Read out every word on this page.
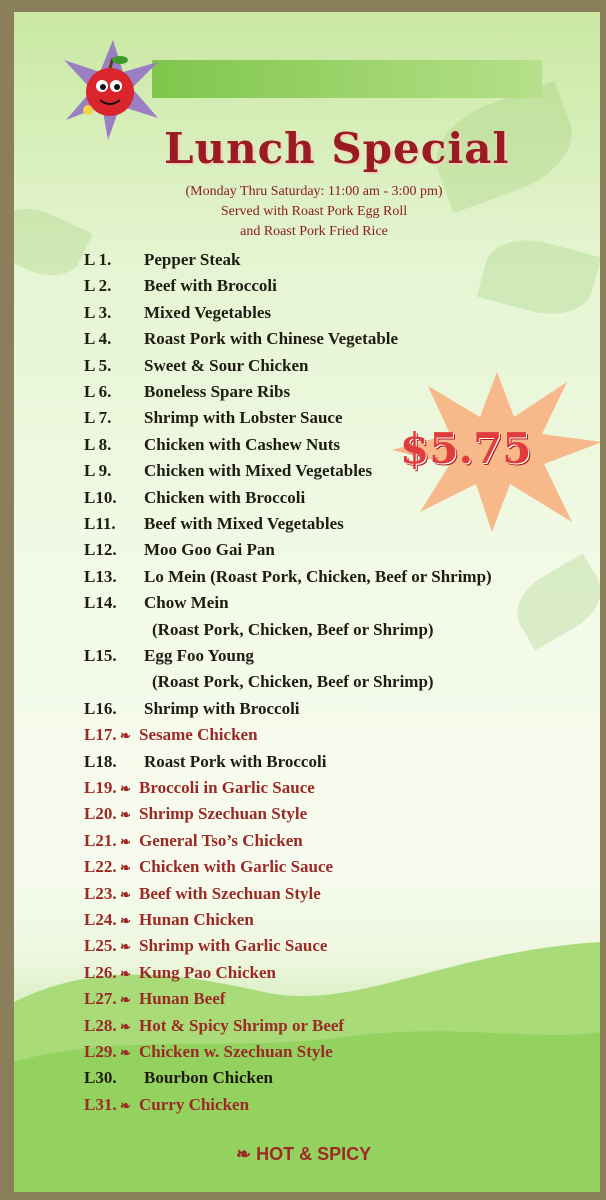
Lunch Special
(Monday Thru Saturday: 11:00 am - 3:00 pm)
Served with Roast Pork Egg Roll
and Roast Pork Fried Rice
$5.75
L 1. Pepper Steak
L 2. Beef with Broccoli
L 3. Mixed Vegetables
L 4. Roast Pork with Chinese Vegetable
L 5. Sweet & Sour Chicken
L 6. Boneless Spare Ribs
L 7. Shrimp with Lobster Sauce
L 8. Chicken with Cashew Nuts
L 9. Chicken with Mixed Vegetables
L10. Chicken with Broccoli
L11. Beef with Mixed Vegetables
L12. Moo Goo Gai Pan
L13. Lo Mein (Roast Pork, Chicken, Beef or Shrimp)
L14. Chow Mein
(Roast Pork, Chicken, Beef or Shrimp)
L15. Egg Foo Young
(Roast Pork, Chicken, Beef or Shrimp)
L16. Shrimp with Broccoli
L17. ❧ Sesame Chicken
L18. Roast Pork with Broccoli
L19. ❧ Broccoli in Garlic Sauce
L20. ❧ Shrimp Szechuan Style
L21. ❧ General Tso’s Chicken
L22. ❧ Chicken with Garlic Sauce
L23. ❧ Beef with Szechuan Style
L24. ❧ Hunan Chicken
L25. ❧ Shrimp with Garlic Sauce
L26. ❧ Kung Pao Chicken
L27. ❧ Hunan Beef
L28. ❧ Hot & Spicy Shrimp or Beef
L29. ❧ Chicken w. Szechuan Style
L30. Bourbon Chicken
L31. ❧ Curry Chicken
❧ HOT & SPICY
